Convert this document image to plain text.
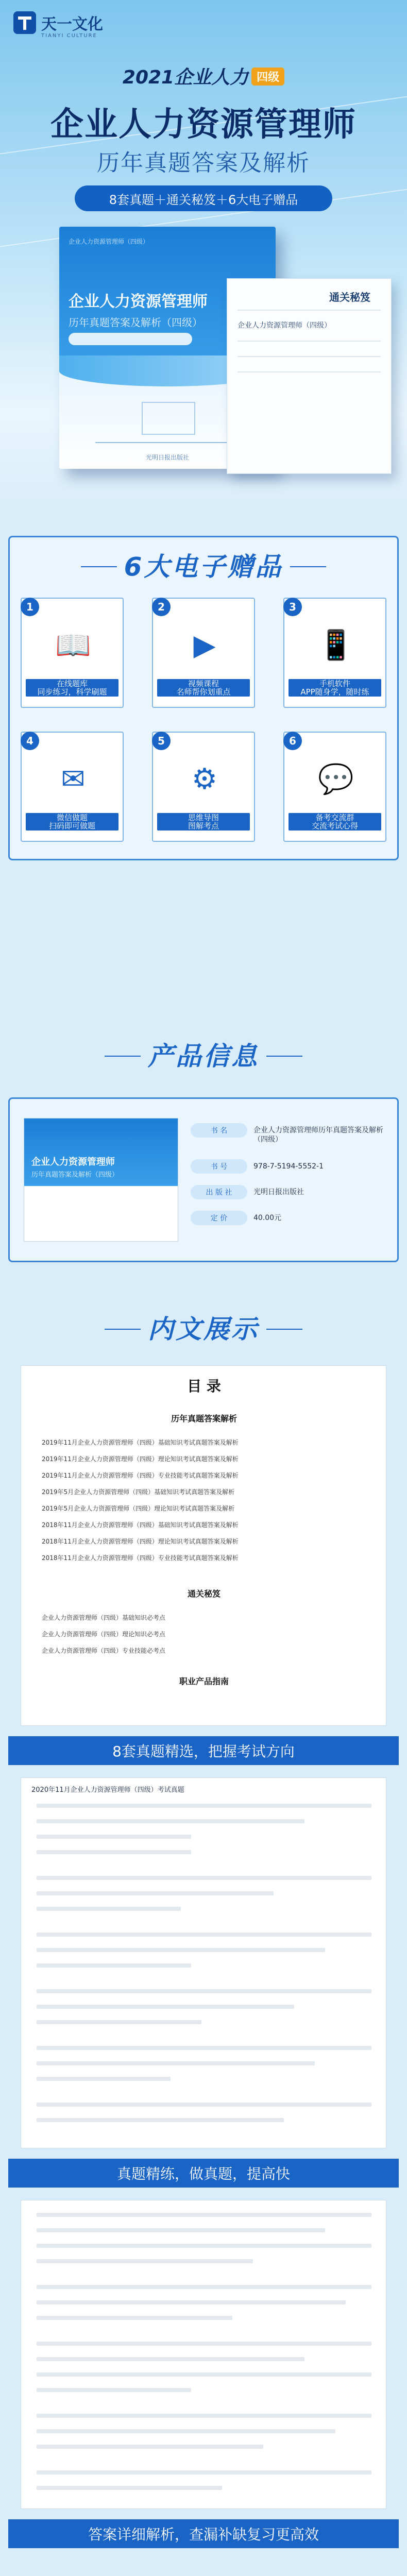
天一文化
TIANYI CULTURE
2021企业人力 四级
企业人力资源管理师
历年真题答案及解析
8套真题＋通关秘笈＋6大电子赠品
企业人力资源管理师（四级）
企业人力资源管理师
历年真题答案及解析（四级）
光明日报出版社
通关秘笈
企业人力资源管理师（四级）
6大电子赠品
1
📖
在线题库
同步练习，科学刷题
2
▶
视频课程
名师帮你划重点
3
📱
手机软件
APP随身学，随时练
4
✉
微信做题
扫码即可做题
5
⚙
思维导图
图解考点
6
💬
备考交流群
交流考试心得
产品信息
企业人力资源管理师
历年真题答案及解析（四级）
书 名	企业人力资源管理师历年真题答案及解析（四级）
书 号	978-7-5194-5552-1
出 版 社	光明日报出版社
定 价	40.00元
内文展示
目 录
历年真题答案解析
2019年11月企业人力资源管理师（四级）基础知识考试真题答案及解析
2019年11月企业人力资源管理师（四级）理论知识考试真题答案及解析
2019年11月企业人力资源管理师（四级）专业技能考试真题答案及解析
2019年5月企业人力资源管理师（四级）基础知识考试真题答案及解析
2019年5月企业人力资源管理师（四级）理论知识考试真题答案及解析
2018年11月企业人力资源管理师（四级）基础知识考试真题答案及解析
2018年11月企业人力资源管理师（四级）理论知识考试真题答案及解析
2018年11月企业人力资源管理师（四级）专业技能考试真题答案及解析
通关秘笈
企业人力资源管理师（四级）基础知识必考点
企业人力资源管理师（四级）理论知识必考点
企业人力资源管理师（四级）专业技能必考点
职业产品指南
8套真题精选，把握考试方向
2020年11月企业人力资源管理师（四级）考试真题
真题精练，做真题，提高快
答案详细解析，查漏补缺复习更高效
